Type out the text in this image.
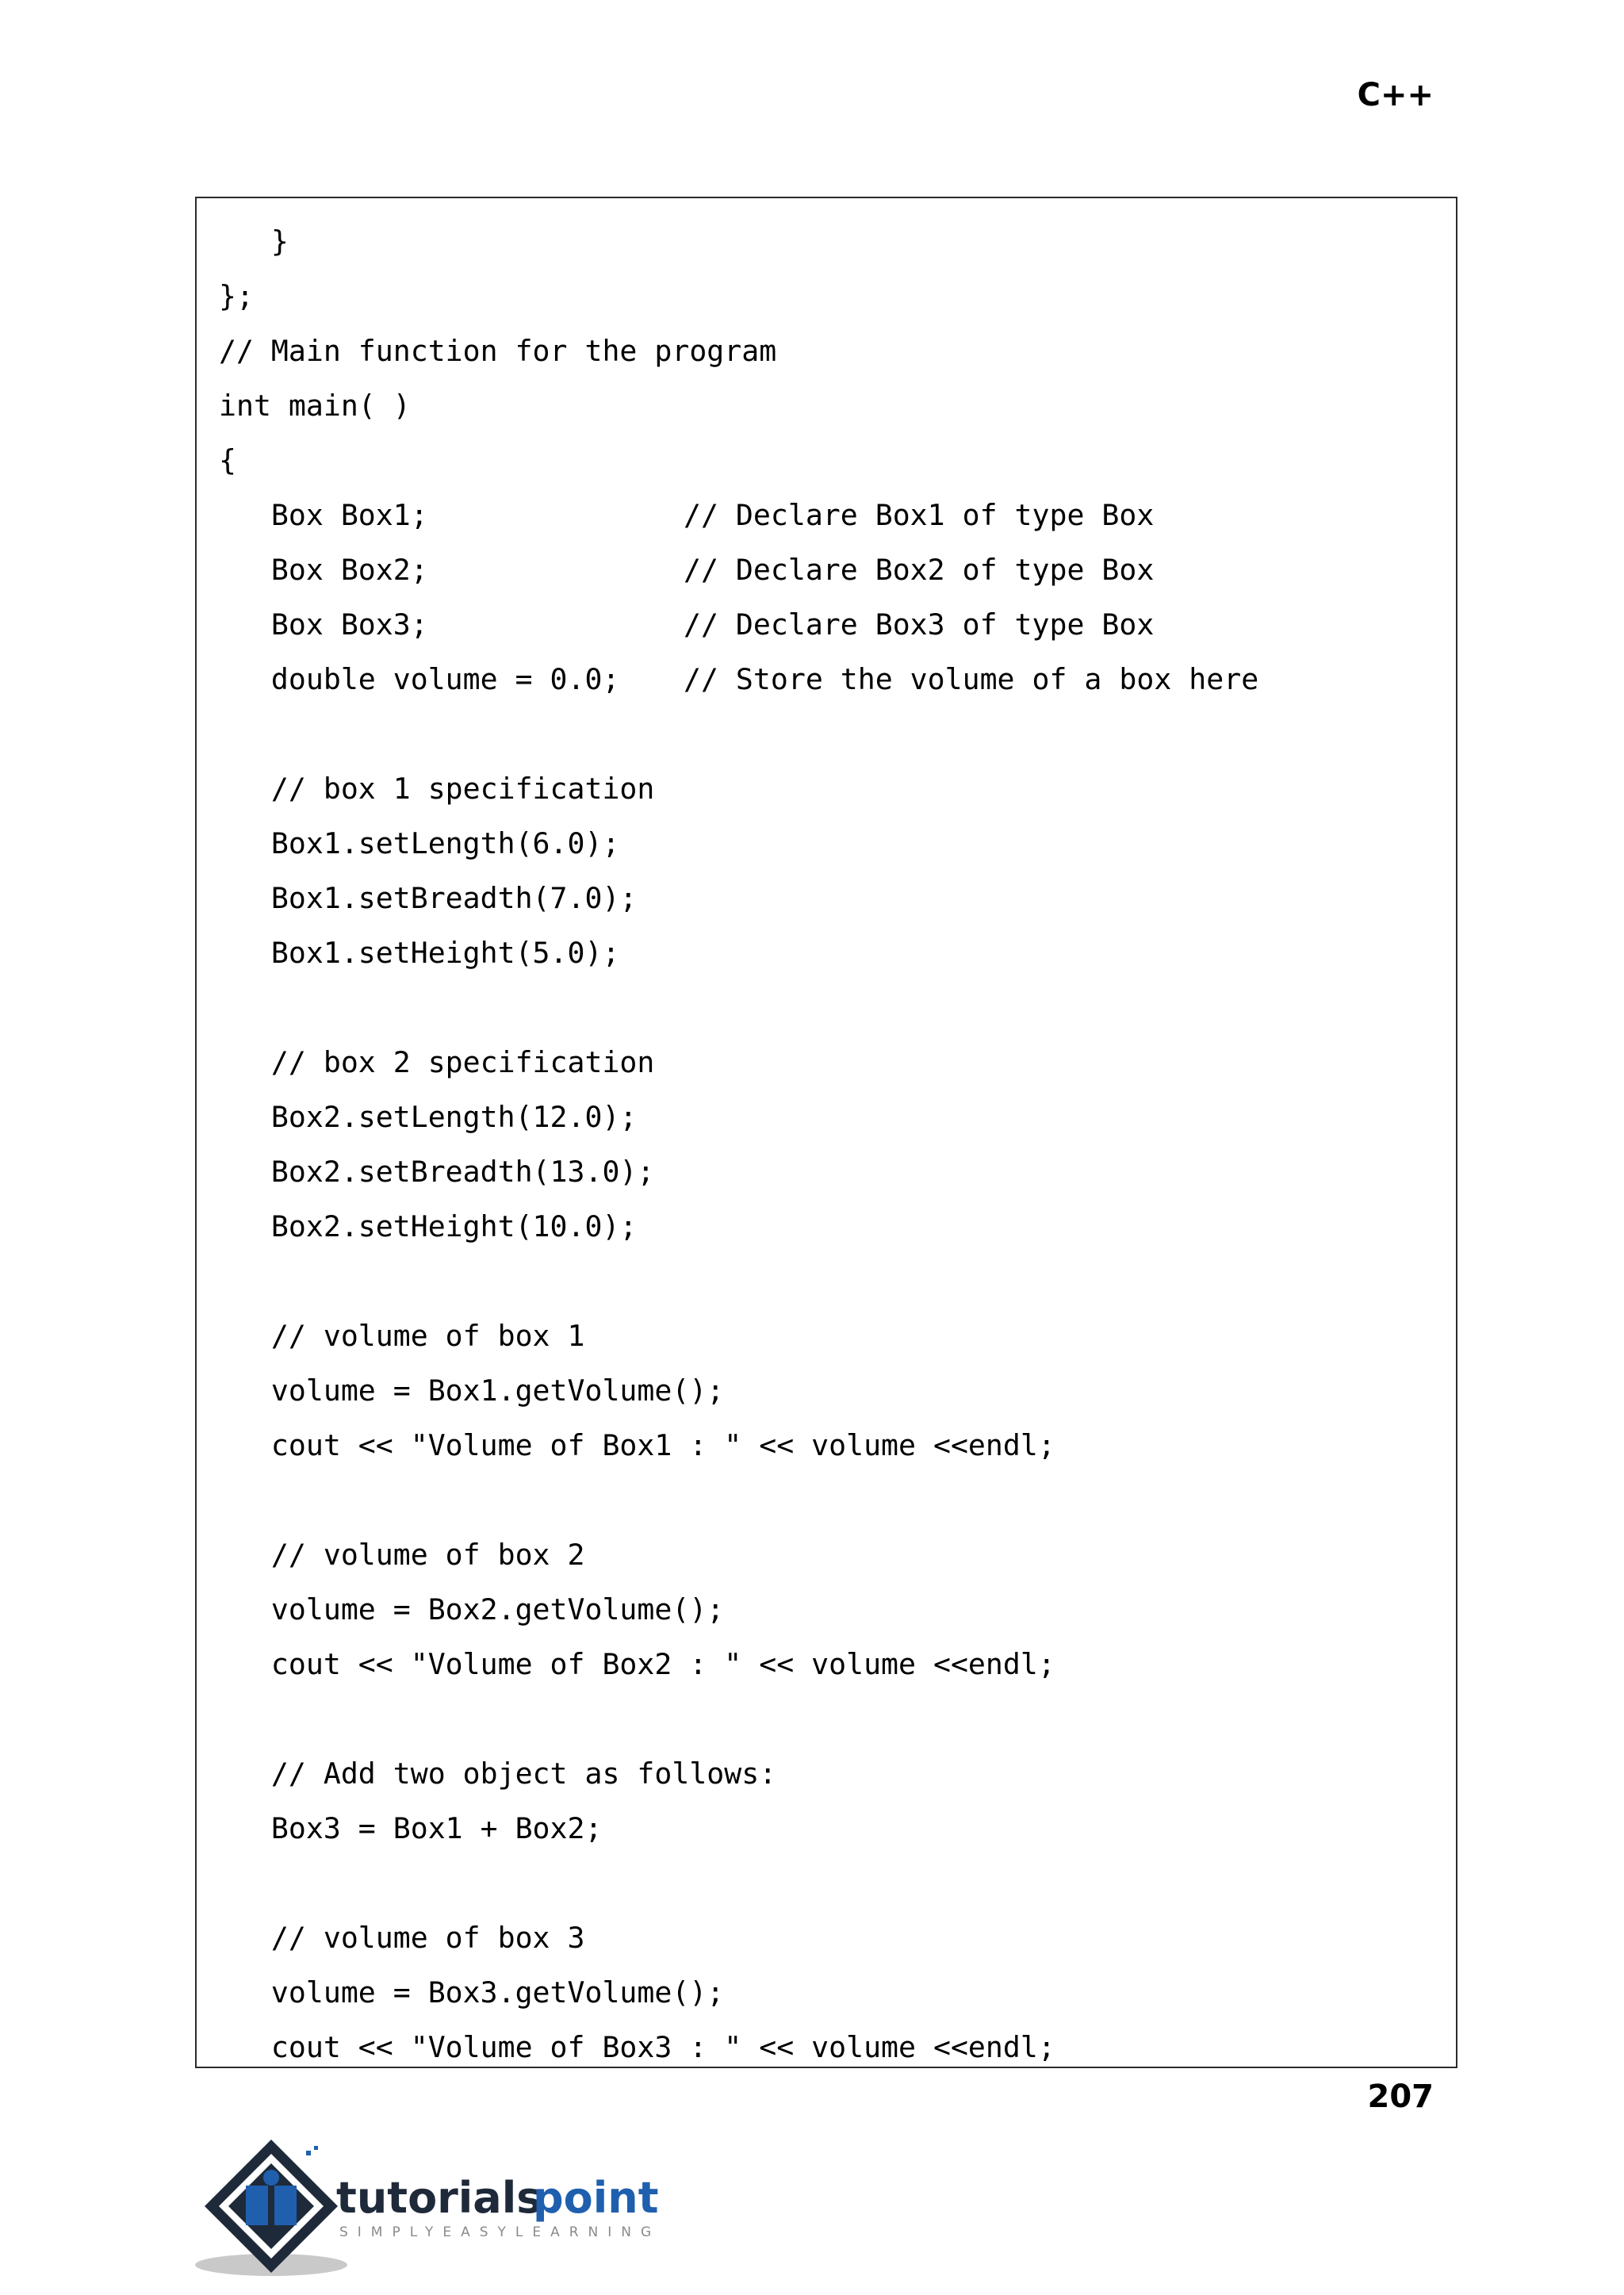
C++
}
};
// Main function for the program
int main( )
{
Box Box1;	// Declare Box1 of type Box
Box Box2;	// Declare Box2 of type Box
Box Box3;	// Declare Box3 of type Box
double volume = 0.0; // Store the volume of a box here
// box 1 specification
Box1.setLength(6.0);
Box1.setBreadth(7.0);
Box1.setHeight(5.0);
// box 2 specification
Box2.setLength(12.0);
Box2.setBreadth(13.0);
Box2.setHeight(10.0);
// volume of box 1
volume = Box1.getVolume();
cout << "Volume of Box1 : " << volume <<endl;
// volume of box 2
volume = Box2.getVolume();
cout << "Volume of Box2 : " << volume <<endl;
// Add two object as follows:
Box3 = Box1 + Box2;
// volume of box 3
volume = Box3.getVolume();
cout << "Volume of Box3 : " << volume <<endl;
207
tutorials
point
SIMPLYEASYLEARNING
